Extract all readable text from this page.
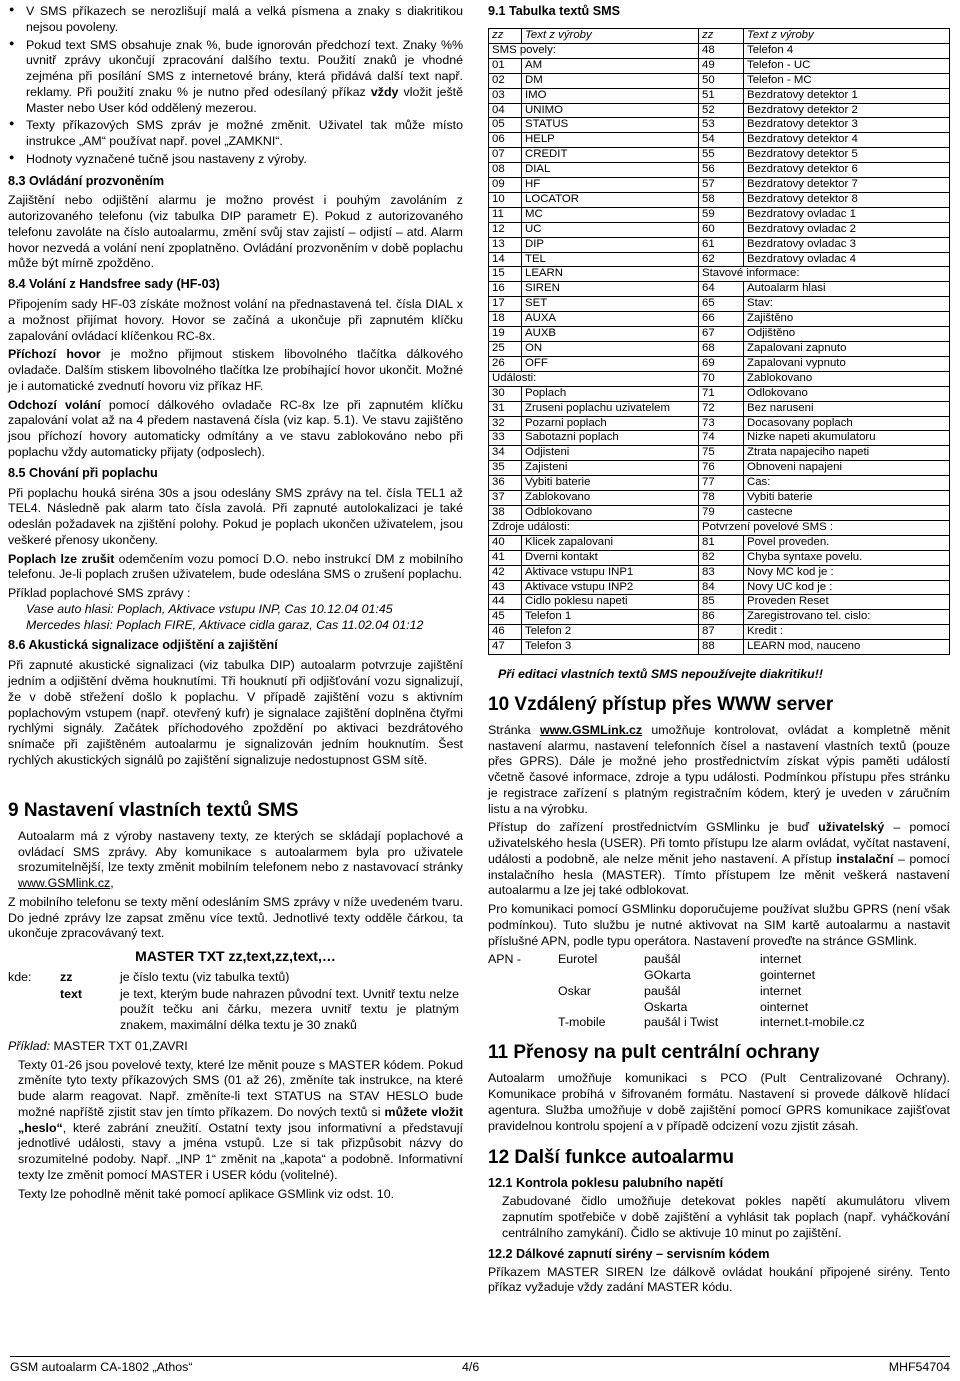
● V SMS příkazech se nerozlišují malá a velká písmena a znaky s diakritikou nejsou povoleny.
● Pokud text SMS obsahuje znak %, bude ignorován předchozí text. Znaky %% uvnitř zprávy ukončují zpracování dalšího textu. Použití znaků je vhodné zejména při posílání SMS z internetové brány, která přidává další text např. reklamy. Při použití znaku % je nutno před odesílaný příkaz vždy vložit ještě Master nebo User kód oddělený mezerou.
● Texty příkazových SMS zpráv je možné změnit. Uživatel tak může místo instrukce „AM“ používat např. povel „ZAMKNI“.
● Hodnoty vyznačené tučně jsou nastaveny z výroby.
8.3 Ovládání prozvoněním

Zajištění nebo odjištění alarmu je možno provést i pouhým zavoláním z autorizovaného telefonu (viz tabulka DIP parametr E). Pokud z autorizovaného telefonu zavoláte na číslo autoalarmu, změní svůj stav zajistí – odjistí – atd. Alarm hovor nezvedá a volání není zpoplatněno. Ovládání prozvoněním v době poplachu může být mírně zpožděno.

8.4 Volání z Handsfree sady (HF-03)

Připojením sady HF-03 získáte možnost volání na přednastavená tel. čísla DIAL x a možnost přijímat hovory. Hovor se začíná a ukončuje při zapnutém klíčku zapalování ovládací klíčenkou RC-8x.

Příchozí hovor je možno přijmout stiskem libovolného tlačítka dálkového ovladače. Dalším stiskem libovolného tlačítka lze probíhající hovor ukončit. Možné je i automatické zvednutí hovoru viz příkaz HF.

Odchozí volání pomocí dálkového ovladače RC-8x lze při zapnutém klíčku zapalování volat až na 4 předem nastavená čísla (viz kap. 5.1). Ve stavu zajištěno jsou příchozí hovory automaticky odmítány a ve stavu zablokováno nebo při poplachu vždy automaticky přijaty (odposlech).

8.5 Chování při poplachu

Při poplachu houká siréna 30s a jsou odeslány SMS zprávy na tel. čísla TEL1 až TEL4. Následně pak alarm tato čísla zavolá. Při zapnuté autolokalizaci je také odeslán požadavek na zjištění polohy. Pokud je poplach ukončen uživatelem, jsou veškeré přenosy ukončeny.

Poplach lze zrušit odemčením vozu pomocí D.O. nebo instrukcí DM z mobilního telefonu. Je-li poplach zrušen uživatelem, bude odeslána SMS o zrušení poplachu.

Příklad poplachové SMS zprávy :

Vase auto hlasi: Poplach, Aktivace vstupu INP, Cas 10.12.04 01:45

Mercedes hlasi: Poplach FIRE, Aktivace cidla garaz, Cas 11.02.04 01:12

8.6 Akustická signalizace odjištění a zajištění

Při zapnuté akustické signalizaci (viz tabulka DIP) autoalarm potvrzuje zajištění jedním a odjištění dvěma houknutími. Tři houknutí při odjišťování vozu signalizují, že v době střežení došlo k poplachu. V případě zajištění vozu s aktivním poplachovým vstupem (např. otevřený kufr) je signalace zajištění doplněna čtyřmi rychlými signály. Začátek příchodového zpoždění po aktivaci bezdrátového snímače při zajištěném autoalarmu je signalizován jedním houknutím. Šest rychlých akustických signálů po zajištění signalizuje nedostupnost GSM sítě.

9 Nastavení vlastních textů SMS

Autoalarm má z výroby nastaveny texty, ze kterých se skládají poplachové a ovládací SMS zprávy. Aby komunikace s autoalarmem byla pro uživatele srozumitelnější, lze texty změnit mobilním telefonem nebo z nastavovací stránky www.GSMlink.cz,

Z mobilního telefonu se texty mění odesláním SMS zprávy v níže uvedeném tvaru. Do jedné zprávy lze zapsat změnu více textů. Jednotlivé texty odděle čárkou, ta ukončuje zpracovávaný text.

MASTER TXT zz,text,zz,text,…
kde:	zz	je číslo textu (viz tabulka textů)
	text	je text, kterým bude nahrazen původní text. Uvnitř textu nelze použít tečku ani čárku, mezera uvnitř textu je platným znakem, maximální délka textu je 30 znaků

Příklad: MASTER TXT 01,ZAVRI

Texty 01-26 jsou povelové texty, které lze měnit pouze s MASTER kódem. Pokud změníte tyto texty příkazových SMS (01 až 26), změníte tak instrukce, na které bude alarm reagovat. Např. změníte-li text STATUS na STAV HESLO bude možné napříště zjistit stav jen tímto příkazem. Do nových textů si můžete vložit „heslo“, které zabrání zneužití. Ostatní texty jsou informativní a představují jednotlivé události, stavy a jména vstupů. Lze si tak přizpůsobit názvy do srozumitelné podoby. Např. „INP 1“ změnit na „kapota“ a podobně. Informativní texty lze změnit pomocí MASTER i USER kódu (volitelné).

Texty lze pohodlně měnit také pomocí aplikace GSMlink viz odst. 10.

9.1 Tabulka textů SMS
zz	Text z výroby	zz	Text z výroby
SMS povely:		48	Telefon 4
01	AM	49	Telefon - UC
02	DM	50	Telefon - MC
03	IMO	51	Bezdratovy detektor 1
04	UNIMO	52	Bezdratovy detektor 2
05	STATUS	53	Bezdratovy detektor 3
06	HELP	54	Bezdratovy detektor 4
07	CREDIT	55	Bezdratovy detektor 5
08	DIAL	56	Bezdratovy detektor 6
09	HF	57	Bezdratovy detektor 7
10	LOCATOR	58	Bezdratovy detektor 8
11	MC	59	Bezdratovy ovladac 1
12	UC	60	Bezdratovy ovladac 2
13	DIP	61	Bezdratovy ovladac 3
14	TEL	62	Bezdratovy ovladac 4
15	LEARN	Stavové informace:	
16	SIREN	64	Autoalarm hlasi
17	SET	65	Stav:
18	AUXA	66	Zajištěno
19	AUXB	67	Odjištěno
25	ON	68	Zapalovani zapnuto
26	OFF	69	Zapalovani vypnuto
Události:		70	Zablokovano
30	Poplach	71	Odlokovano
31	Zruseni poplachu uzivatelem	72	Bez naruseni
32	Pozarni poplach	73	Docasovany poplach
33	Sabotazni poplach	74	Nizke napeti akumulatoru
34	Odjisteni	75	Ztrata napajeciho napeti
35	Zajisteni	76	Obnoveni napajeni
36	Vybiti baterie	77	Cas:
37	Zablokovano	78	Vybiti baterie
38	Odblokovano	79	castecne
Zdroje události:		Potvrzení povelové SMS :	
40	Klicek zapalovani	81	Povel proveden.
41	Dverni kontakt	82	Chyba syntaxe povelu.
42	Aktivace vstupu INP1	83	Novy MC kod je :
43	Aktivace vstupu INP2	84	Novy UC kod je :
44	Cidlo poklesu napeti	85	Proveden Reset
45	Telefon 1	86	Zaregistrovano tel. cislo:
46	Telefon 2	87	Kredit :
47	Telefon 3	88	LEARN mod, nauceno

Při editaci vlastních textů SMS nepoužívejte diakritiku!!

10 Vzdálený přístup přes WWW server

Stránka www.GSMLink.cz umožňuje kontrolovat, ovládat a kompletně měnit nastavení alarmu, nastavení telefonních čísel a nastavení vlastních textů (pouze přes GPRS). Dále je možné jeho prostřednictvím získat výpis paměti událostí včetně časové informace, zdroje a typu události. Podmínkou přístupu přes stránku je registrace zařízení s platným registračním kódem, který je uveden v záručním listu a na výrobku.

Přístup do zařízení prostřednictvím GSMlinku je buď uživatelský – pomocí uživatelského hesla (USER). Při tomto přístupu lze alarm ovládat, vyčítat nastavení, události a podobně, ale nelze měnit jeho nastavení. A přístup instalační – pomocí instalačního hesla (MASTER). Tímto přístupem lze měnit veškerá nastavení autoalarmu a lze jej také odblokovat.

Pro komunikaci pomocí GSMlinku doporučujeme používat službu GPRS (není však podmínkou). Tuto službu je nutné aktivovat na SIM kartě autoalarmu a nastavit příslušné APN, podle typu operátora. Nastavení proveďte na stránce GSMlink.

APN -	Eurotel	paušál	internet
		GOkarta	gointernet
	Oskar	paušál	internet
		Oskarta	ointernet
	T-mobile	paušál i Twist	internet.t-mobile.cz
11 Přenosy na pult centrální ochrany

Autoalarm umožňuje komunikaci s PCO (Pult Centralizované Ochrany). Komunikace probíhá v šifrovaném formátu. Nastavení si provede dálkově hlídací agentura. Služba umožňuje v době zajištění pomocí GPRS komunikace zajišťovat pravidelnou kontrolu spojení a v případě odcizení vozu zjistit zásah.

12 Další funkce autoalarmu
12.1 Kontrola poklesu palubního napětí

Zabudované čidlo umožňuje detekovat pokles napětí akumulátoru vlivem zapnutím spotřebiče v době zajištění a vyhlásit tak poplach (např. vyháčkování centrálního zamykání). Čidlo se aktivuje 10 minut po zajištění.

12.2 Dálkové zapnutí sirény – servisním kódem

Příkazem MASTER SIREN lze dálkově ovládat houkání připojené sirény. Tento příkaz vyžaduje vždy zadání MASTER kódu.

GSM autoalarm CA-1802 „Athos“	4/6	MHF54704
